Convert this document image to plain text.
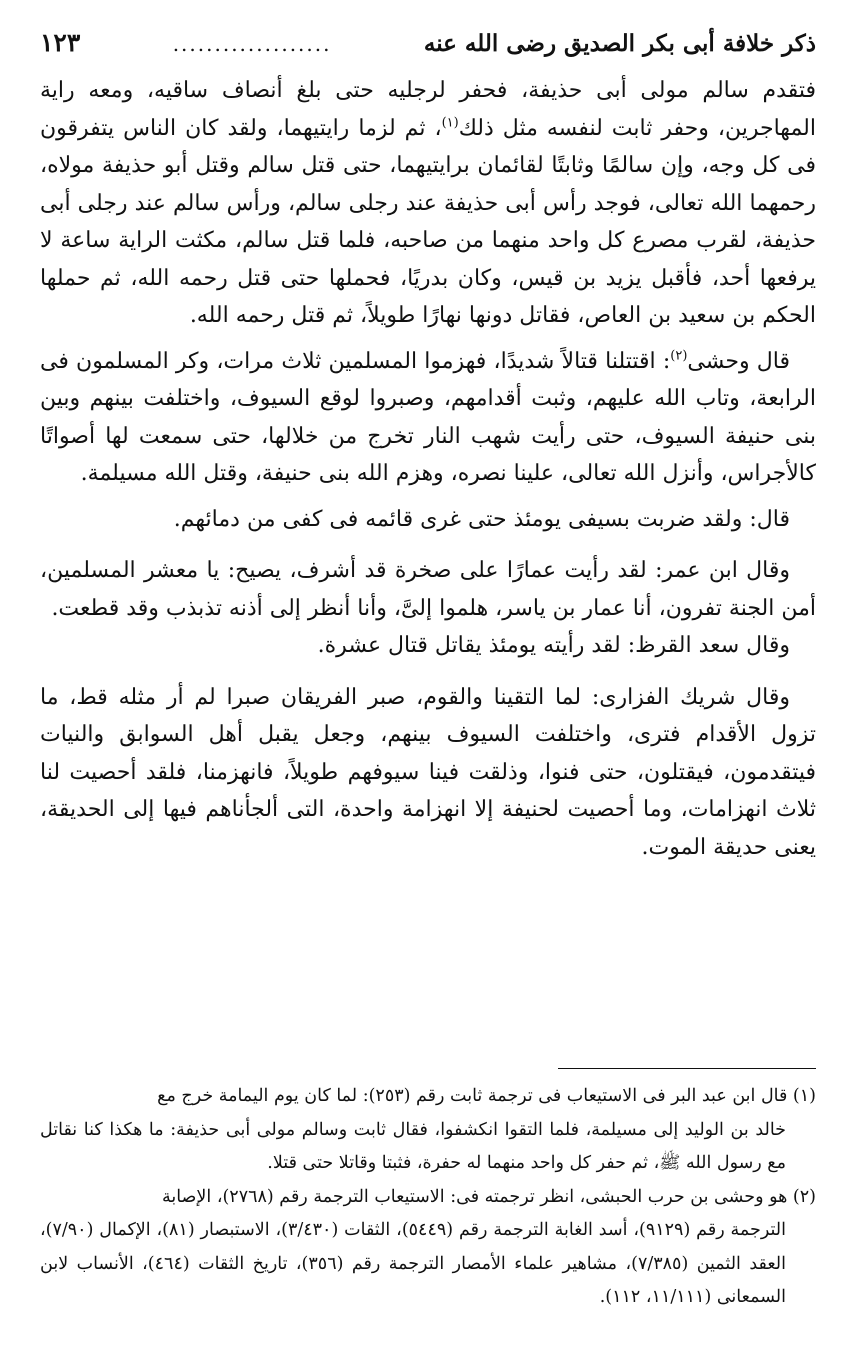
ذكر خلافة أبى بكر الصديق رضى الله عنه
...................
١٢٣

فتقدم سالم مولى أبى حذيفة، فحفر لرجليه حتى بلغ أنصاف ساقيه، ومعه راية المهاجرين، وحفر ثابت لنفسه مثل ذلك$^{(١)}$، ثم لزما رايتيهما، ولقد كان الناس يتفرقون فى كل وجه، وإن سالمًا وثابتًا لقائمان برايتيهما، حتى قتل سالم وقتل أبو حذيفة مولاه، رحمهما الله تعالى، فوجد رأس أبى حذيفة عند رجلى سالم، ورأس سالم عند رجلى أبى حذيفة، لقرب مصرع كل واحد منهما من صاحبه، فلما قتل سالم، مكثت الراية ساعة لا يرفعها أحد، فأقبل يزيد بن قيس، وكان بدريًا، فحملها حتى قتل رحمه الله، ثم حملها الحكم بن سعيد بن العاص، فقاتل دونها نهارًا طويلاً، ثم قتل رحمه الله.

قال وحشى$^{(٢)}$: اقتتلنا قتالاً شديدًا، فهزموا المسلمين ثلاث مرات، وكر المسلمون فى الرابعة، وتاب الله عليهم، وثبت أقدامهم، وصبروا لوقع السيوف، واختلفت بينهم وبين بنى حنيفة السيوف، حتى رأيت شهب النار تخرج من خلالها، حتى سمعت لها أصواتًا كالأجراس، وأنزل الله تعالى، علينا نصره، وهزم الله بنى حنيفة، وقتل الله مسيلمة.

قال: ولقد ضربت بسيفى يومئذ حتى غرى قائمه فى كفى من دمائهم.

وقال ابن عمر: لقد رأيت عمارًا على صخرة قد أشرف، يصيح: يا معشر المسلمين، أمن الجنة تفرون، أنا عمار بن ياسر، هلموا إلىَّ، وأنا أنظر إلى أذنه تذبذب وقد قطعت.

وقال سعد القرظ: لقد رأيته يومئذ يقاتل قتال عشرة.

وقال شريك الفزارى: لما التقينا والقوم، صبر الفريقان صبرا لم أر مثله قط، ما تزول الأقدام فترى، واختلفت السيوف بينهم، وجعل يقبل أهل السوابق والنيات فيتقدمون، فيقتلون، حتى فنوا، وذلقت فينا سيوفهم طويلاً، فانهزمنا، فلقد أحصيت لنا ثلاث انهزامات، وما أحصيت لحنيفة إلا انهزامة واحدة، التى ألجأناهم فيها إلى الحديقة، يعنى حديقة الموت.

(١) قال ابن عبد البر فى الاستيعاب فى ترجمة ثابت رقم (٢٥٣): لما كان يوم اليمامة خرج مع
خالد بن الوليد إلى مسيلمة، فلما التقوا انكشفوا، فقال ثابت وسالم مولى أبى حذيفة: ما هكذا كنا نقاتل مع رسول الله ﷺ، ثم حفر كل واحد منهما له حفرة، فثبتا وقاتلا حتى قتلا.

(٢) هو وحشى بن حرب الحبشى، انظر ترجمته فى: الاستيعاب الترجمة رقم (٢٧٦٨)، الإصابة
الترجمة رقم (٩١٢٩)، أسد الغابة الترجمة رقم (٥٤٤٩)، الثقات (٣/٤٣٠)، الاستبصار (٨١)، الإكمال (٧/٩٠)، العقد الثمين (٧/٣٨٥)، مشاهير علماء الأمصار الترجمة رقم (٣٥٦)، تاريخ الثقات (٤٦٤)، الأنساب لابن السمعانى (١١/١١١، ١١٢).
